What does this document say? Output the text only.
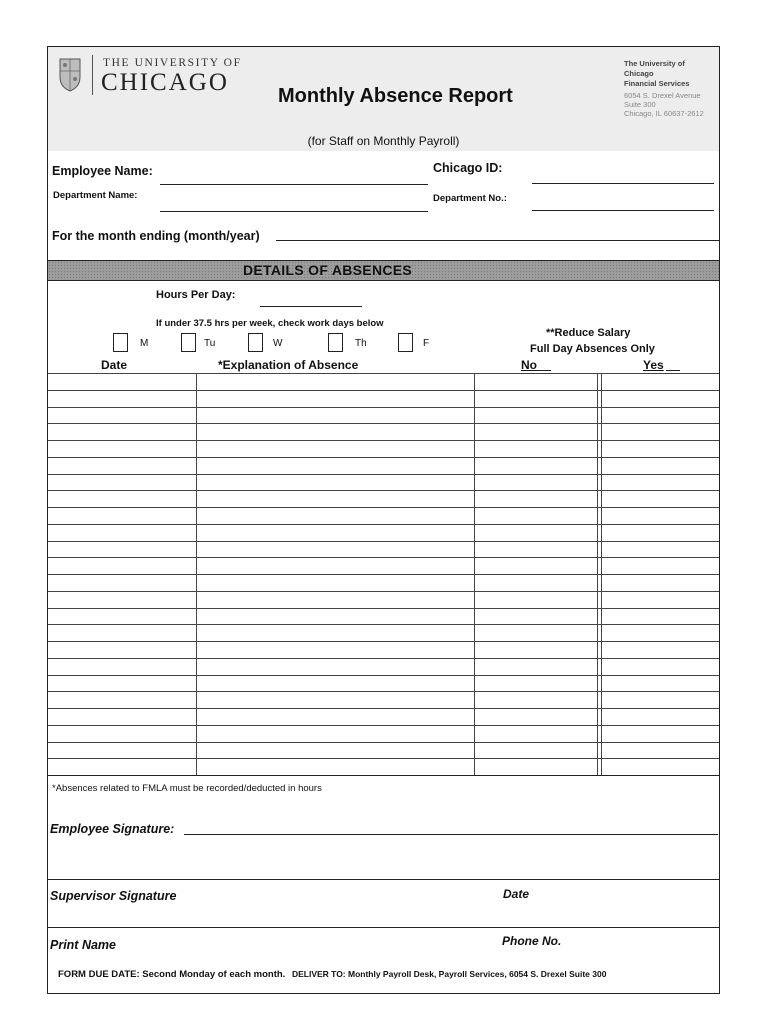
THE UNIVERSITY OF
CHICAGO Monthly Absence Report
The University of Chicago
Financial Services
6054 S. Drexel Avenue
Suite 300
Chicago, IL 60637-2612
(for Staff on Monthly Payroll)
Employee Name:	Chicago ID:
Department Name:	Department No.:
For the month ending (month/year)
DETAILS OF ABSENCES
Hours Per Day:
If under 37.5 hrs per week, check work days below
M	Tu	W	Th	F
**Reduce Salary
Full Day Absences Only
Date	*Explanation of Absence	No	Yes
*Absences related to FMLA must be recorded/deducted in hours
Employee Signature:
Supervisor Signature	Date
Print Name	Phone No.
FORM DUE DATE: Second Monday of each month. DELIVER TO: Monthly Payroll Desk, Payroll Services, 6054 S. Drexel Suite 300
